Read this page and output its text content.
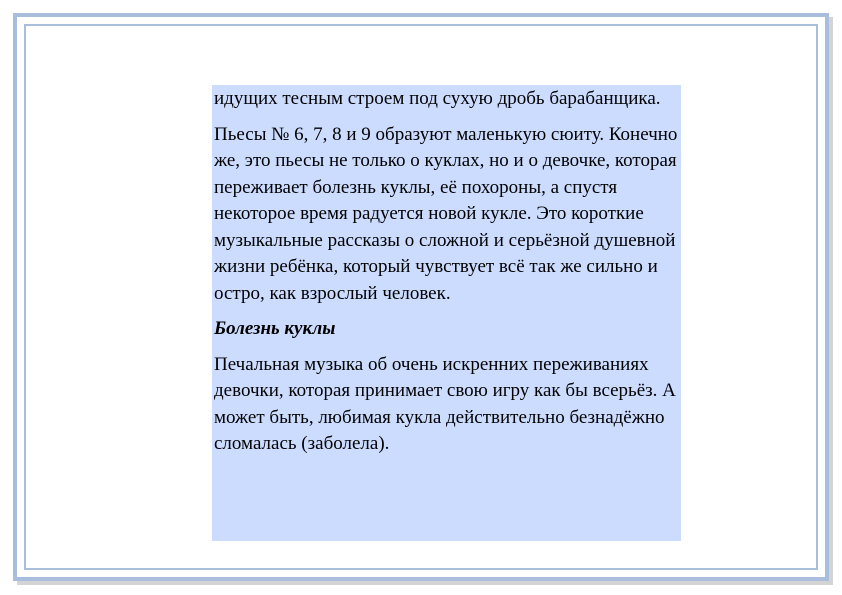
идущих тесным строем под сухую дробь барабанщика.

Пьесы № 6, 7, 8 и 9 образуют маленькую сюиту. Конечно же, это пьесы не только о куклах, но и о девочке, которая переживает болезнь куклы, её похороны, а спустя некоторое время радуется новой кукле. Это короткие музыкальные рассказы о сложной и серьёзной душевной жизни ребёнка, который чувствует всё так же сильно и остро, как взрослый человек.

Болезнь куклы

Печальная музыка об очень искренних переживаниях девочки, которая принимает свою игру как бы всерьёз. А может быть, любимая кукла действительно безнадёжно сломалась (заболела).
